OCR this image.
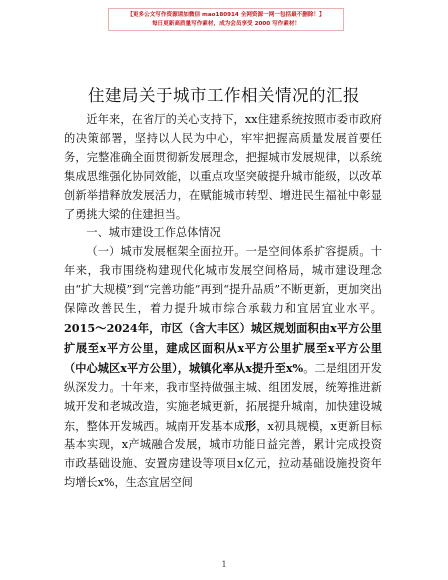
【更多公文写作资源请加微信 mao180914 全网资源一网一包括最不删除！】
每日更新高质量写作素材，成为会员享受 2000 写作素材！
住建局关于城市工作相关情况的汇报

近年来，在省厅的关心支持下，xx住建系统按照市委市政府的决策部署，坚持以人民为中心，牢牢把握高质量发展首要任务，完整准确全面贯彻新发展理念，把握城市发展规律，以系统集成思维强化协同效能，以重点攻坚突破提升城市能级，以改革创新举措释放发展活力，在赋能城市转型、增进民生福祉中彰显了勇挑大梁的住建担当。

一、城市建设工作总体情况

（一）城市发展框架全面拉开。一是空间体系扩容提质。十年来，我市围绕构建现代化城市发展空间格局，城市建设理念由“扩大规模”到“完善功能”再到“提升品质”不断更新，更加突出保障改善民生，着力提升城市综合承载力和宜居宜业水平。2015～2024年，市区（含大丰区）城区规划面积由x平方公里扩展至x平方公里，建成区面积从x平方公里扩展至x平方公里（中心城区x平方公里），城镇化率从x提升至x%。二是组团开发纵深发力。十年来，我市坚持做强主城、组团发展，统筹推进新城开发和老城改造，实施老城更新，拓展提升城南，加快建设城东，整体开发城西。城南开发基本成形，x初具规模，x更新目标基本实现，x产城融合发展，城市功能日益完善，累计完成投资市政基础设施、安置房建设等项目x亿元，拉动基础设施投资年均增长x%，生态宜居空间

1
